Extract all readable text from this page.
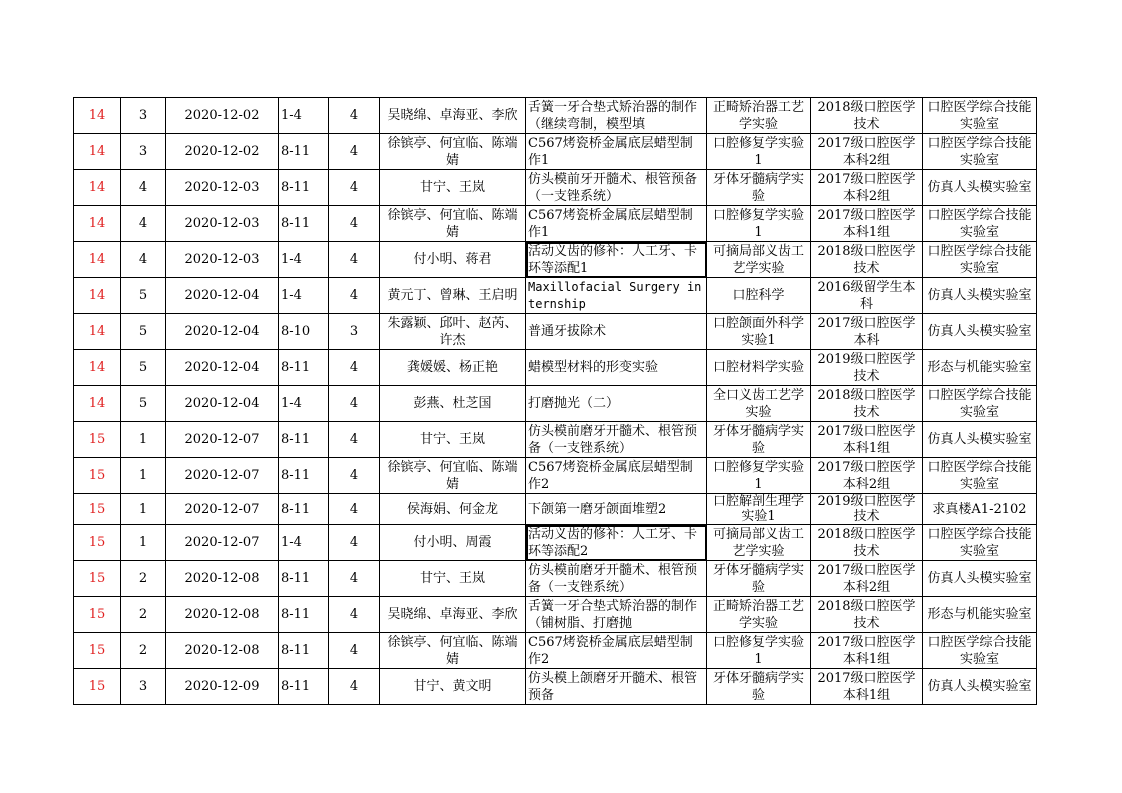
14	3	2020-12-02	1-4	4	吴晓绵、卓海亚、李欣	舌簧一牙合垫式矫治器的制作（继续弯制，模型填	正畸矫治器工艺学实验	2018级口腔医学技术	口腔医学综合技能实验室

14	3	2020-12-02	8-11	4	徐镔亭、何宜临、陈端婧	C567烤瓷桥金属底层蜡型制作1	口腔修复学实验1	2017级口腔医学本科2组	口腔医学综合技能实验室

14	4	2020-12-03	8-11	4	甘宁、王岚	仿头模前牙开髓术、根管预备（一支锉系统）	牙体牙髓病学实验	2017级口腔医学本科2组	仿真人头模实验室

14	4	2020-12-03	8-11	4	徐镔亭、何宜临、陈端婧	C567烤瓷桥金属底层蜡型制作1	口腔修复学实验1	2017级口腔医学本科1组	口腔医学综合技能实验室

14	4	2020-12-03	1-4	4	付小明、蒋君	活动义齿的修补：人工牙、卡环等添配1	可摘局部义齿工艺学实验	2018级口腔医学技术	口腔医学综合技能实验室

14	5	2020-12-04	1-4	4	黄元丁、曾琳、王启明	Maxillofacial Surgery internship	口腔科学	2016级留学生本科	仿真人头模实验室

14	5	2020-12-04	8-10	3	朱露颖、邱叶、赵芮、许杰	普通牙拔除术	口腔颌面外科学实验1	2017级口腔医学本科	仿真人头模实验室

14	5	2020-12-04	8-11	4	龚媛媛、杨正艳	蜡模型材料的形变实验	口腔材料学实验	2019级口腔医学技术	形态与机能实验室

14	5	2020-12-04	1-4	4	彭燕、杜芝国	打磨抛光（二）	全口义齿工艺学实验	2018级口腔医学技术	口腔医学综合技能实验室

15	1	2020-12-07	8-11	4	甘宁、王岚	仿头模前磨牙开髓术、根管预备（一支锉系统）	牙体牙髓病学实验	2017级口腔医学本科1组	仿真人头模实验室

15	1	2020-12-07	8-11	4	徐镔亭、何宜临、陈端婧	C567烤瓷桥金属底层蜡型制作2	口腔修复学实验1	2017级口腔医学本科2组	口腔医学综合技能实验室

15	1	2020-12-07	8-11	4	侯海娟、何金龙	下颌第一磨牙颌面堆塑2	口腔解剖生理学实验1	2019级口腔医学技术	求真楼A1-2102

15	1	2020-12-07	1-4	4	付小明、周霞	活动义齿的修补：人工牙、卡环等添配2	可摘局部义齿工艺学实验	2018级口腔医学技术	口腔医学综合技能实验室

15	2	2020-12-08	8-11	4	甘宁、王岚	仿头模前磨牙开髓术、根管预备（一支锉系统）	牙体牙髓病学实验	2017级口腔医学本科2组	仿真人头模实验室

15	2	2020-12-08	8-11	4	吴晓绵、卓海亚、李欣	舌簧一牙合垫式矫治器的制作（铺树脂、打磨抛	正畸矫治器工艺学实验	2018级口腔医学技术	形态与机能实验室

15	2	2020-12-08	8-11	4	徐镔亭、何宜临、陈端婧	C567烤瓷桥金属底层蜡型制作2	口腔修复学实验1	2017级口腔医学本科1组	口腔医学综合技能实验室

15	3	2020-12-09	8-11	4	甘宁、黄文明	仿头模上颌磨牙开髓术、根管预备	牙体牙髓病学实验	2017级口腔医学本科1组	仿真人头模实验室
